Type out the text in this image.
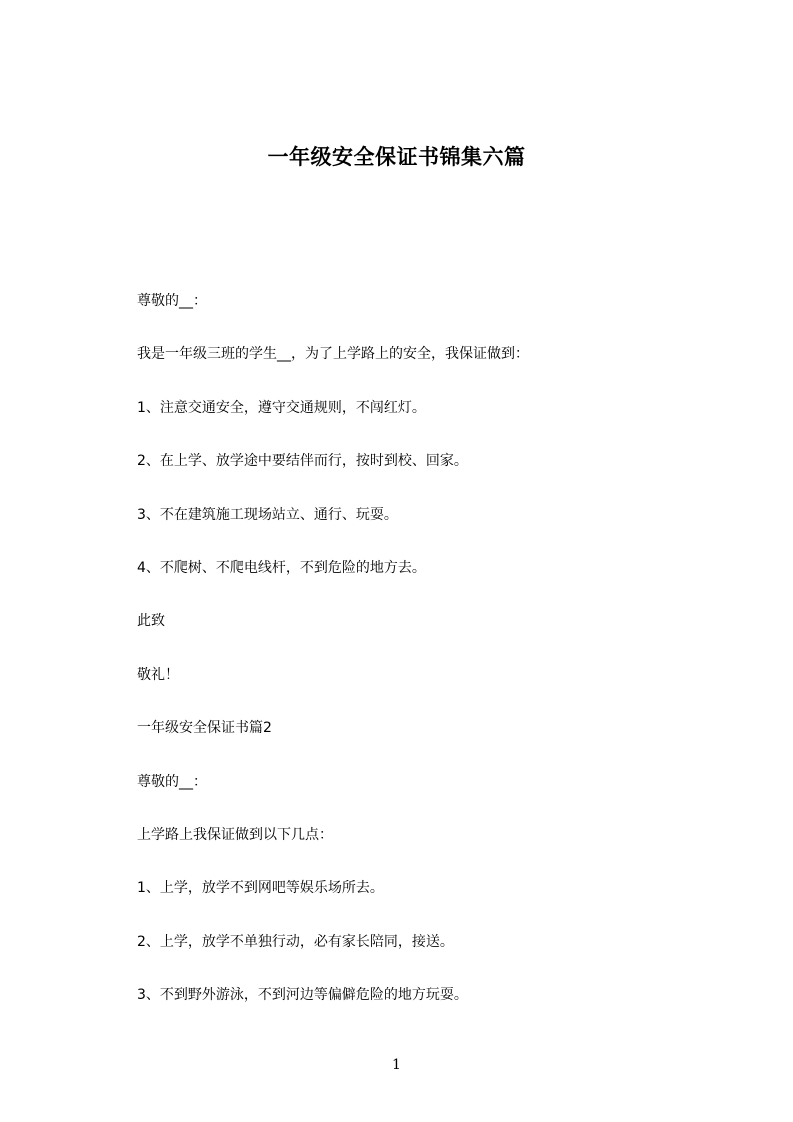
一年级安全保证书锦集六篇
尊敬的__：
我是一年级三班的学生__，为了上学路上的安全，我保证做到：
1、注意交通安全，遵守交通规则，不闯红灯。
2、在上学、放学途中要结伴而行，按时到校、回家。
3、不在建筑施工现场站立、通行、玩耍。
4、不爬树、不爬电线杆，不到危险的地方去。
此致
敬礼！
一年级安全保证书篇2
尊敬的__：
上学路上我保证做到以下几点：
1、上学，放学不到网吧等娱乐场所去。
2、上学，放学不单独行动，必有家长陪同，接送。
3、不到野外游泳，不到河边等偏僻危险的地方玩耍。
1
